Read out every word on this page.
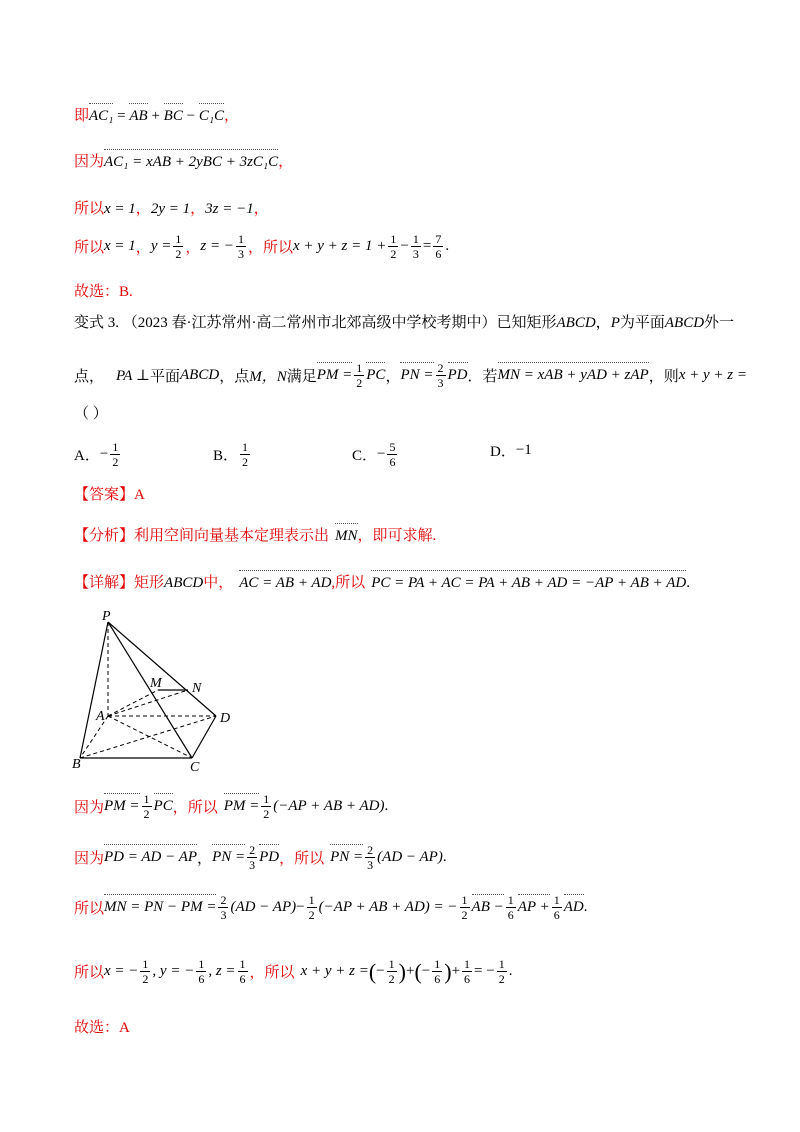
即 AC₁ = AB + BC − C₁C ，
因为 AC₁ = xAB + 2yBC + 3zC₁C ，
所以 x = 1 ， 2y = 1 ， 3z = −1 ，
所以 x = 1 ， $y = \frac{1}{2}$ ， z = − $\frac{1}{3}$ ， 所以 $x + y + z = 1 + \frac{1}{2} - \frac{1}{3} = \frac{7}{6}$ .
故选：B.
变式 3. （2023 春·江苏常州·高二常州市北郊高级中学校考期中）已知矩形 ABCD ， P 为平面 ABCD 外一
点， PA ⊥ 平面 ABCD ，点 M，N 满足 PM = $\frac{1}{2}$ PC ， PN = $\frac{2}{3}$ PD ．若 MN = xAB + yAD + zAP ，则 x + y + z =
（ ）
A． − $\frac{1}{2}$	B． $\frac{1}{2}$	C． − $\frac{5}{6}$	D． −1
【答案】 A
【分析】 利用空间向量基本定理表示出 MN ，即可求解.
【详解】 矩形 ABCD 中， AC = AB + AD ,所以 PC = PA + AC = PA + AB + AD = −AP + AB + AD .
P
M N
A	D
B	C
因为 PM = $\frac{1}{2}$ PC ，所以 PM = $\frac{1}{2} (-AP$ + AB + AD) .
因为 PD = AD − AP ， PN = $\frac{2}{3}$ PD ，所以 PN = $\frac{2}{3} (AD - AP)$ .
所以 MN = PN − PM = $\frac{2}{3} (AD - AP) - \frac{1}{2} (-AP$ + AB + AD) = − $\frac{1}{2}$ AB − $\frac{1}{6}$ AP + $\frac{1}{6}$ AD .
所以 x = − $\frac{1}{2}$ , y = − $\frac{1}{6}$ , $z = \frac{1}{6}$ ，所以 x + y + z = ( − $\frac{1}{2}$ ) + ( − $\frac{1}{6}$ ) + $\frac{1}{6}$ = − $\frac{1}{2}$ .
故选：A
